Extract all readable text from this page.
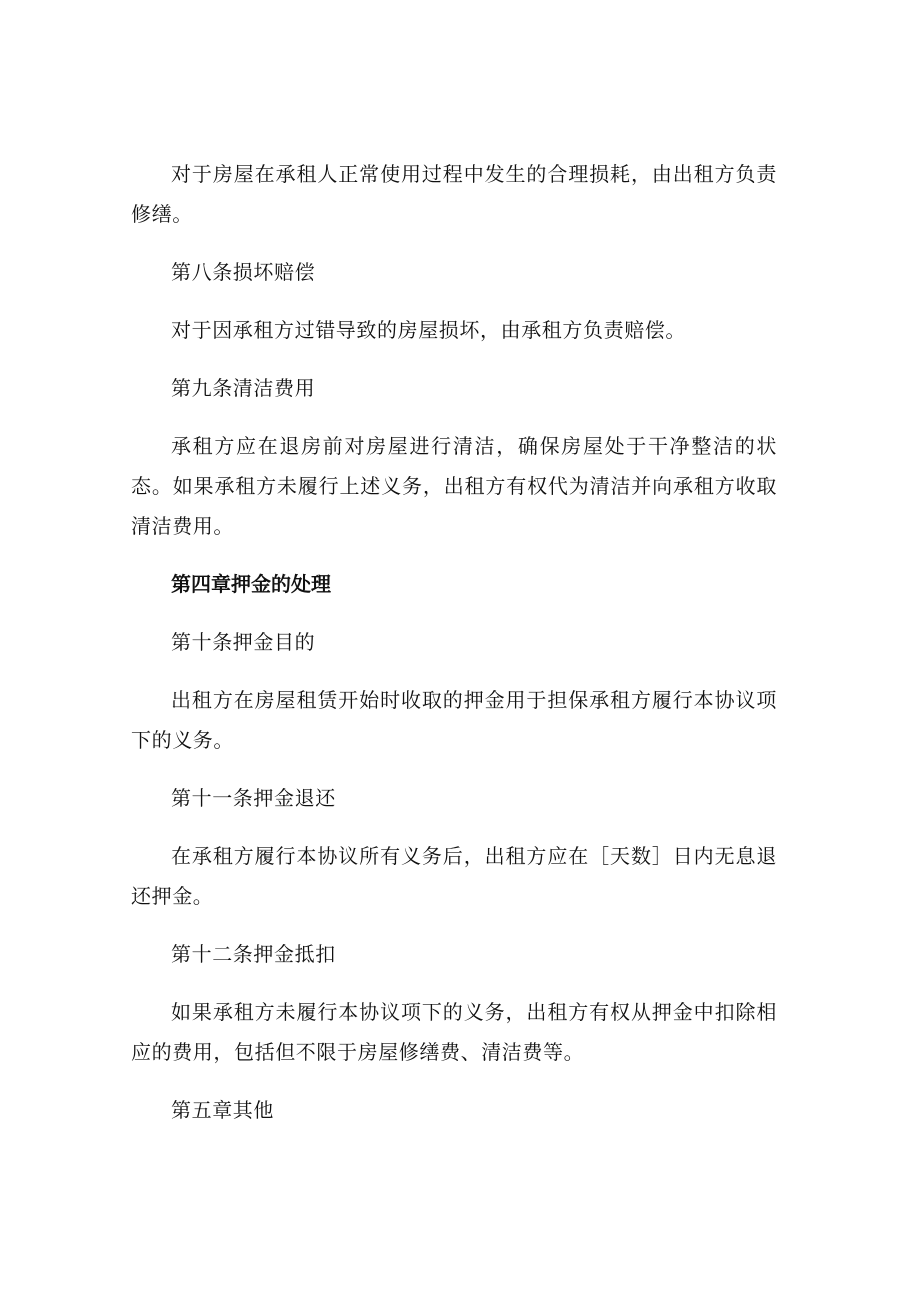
对于房屋在承租人正常使用过程中发生的合理损耗，由出租方负责修缮。

第八条损坏赔偿

对于因承租方过错导致的房屋损坏，由承租方负责赔偿。

第九条清洁费用

承租方应在退房前对房屋进行清洁，确保房屋处于干净整洁的状态。如果承租方未履行上述义务，出租方有权代为清洁并向承租方收取清洁费用。

第四章押金的处理

第十条押金目的

出租方在房屋租赁开始时收取的押金用于担保承租方履行本协议项下的义务。

第十一条押金退还

在承租方履行本协议所有义务后，出租方应在［天数］日内无息退还押金。

第十二条押金抵扣

如果承租方未履行本协议项下的义务，出租方有权从押金中扣除相应的费用，包括但不限于房屋修缮费、清洁费等。

第五章其他
